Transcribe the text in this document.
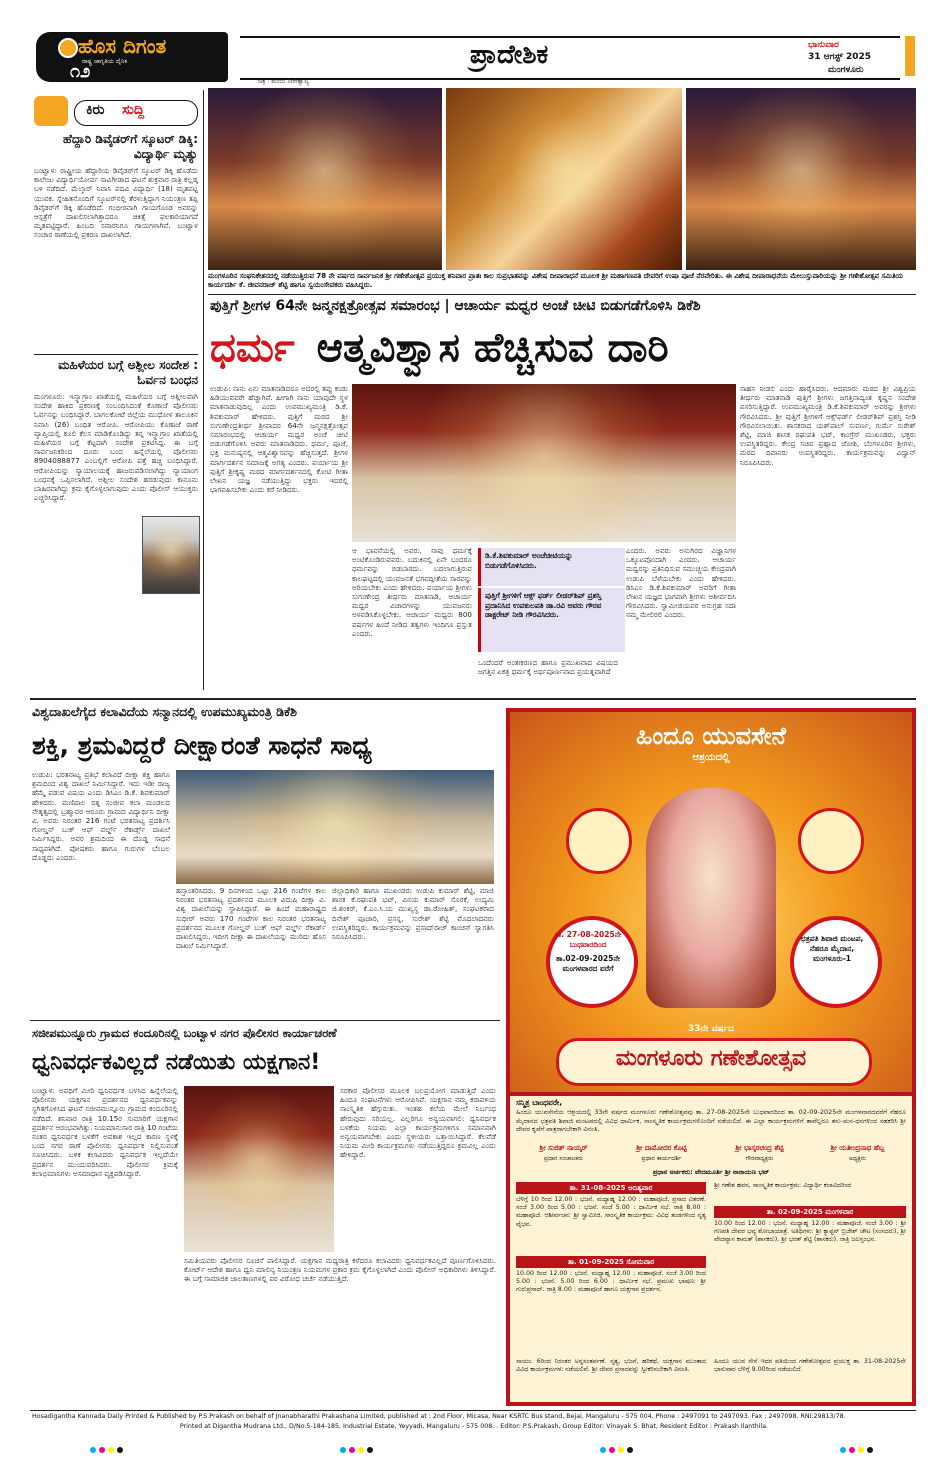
ಹೊಸ ದಿಗಂತ
ರಾಷ್ಟ್ರ ಜಾಗೃತಿಯ ದೈನಿಕ
೧೨
ಪ್ರಾದೇಶಿಕ
ಚಿತ್ರ : ಮಂಜು ನೀರೇಶ್ವಾಲ್ಯ
ಭಾನುವಾರ
31 ಆಗಸ್ಟ್ 2025
ಮಂಗಳೂರು
ಕಿರು ಸುದ್ದಿ
ಹೆದ್ದಾರಿ ಡಿವೈಡರ್‌ಗೆ ಸ್ಕೂಟರ್ ಡಿಕ್ಕಿ: ವಿದ್ಯಾರ್ಥಿ ಮೃತ್ಯು
ಬಂಟ್ವಾಳ: ರಾಷ್ಟ್ರೀಯ ಹೆದ್ದಾರಿಯ ಡಿವೈಡರ್‌ಗೆ ಸ್ಕೂಟರ್ ಡಿಕ್ಕಿ ಹೊಡೆದು ಕಾಲೇಜು ವಿದ್ಯಾರ್ಥಿಯೋರ್ವ ಸಾವಿಗೀಡಾದ ಘಟನೆ ಶುಕ್ರವಾರ ರಾತ್ರಿ ಕಲ್ಲಡ್ಕ ಬಳಿ ನಡೆದಿದೆ. ಮೆಲ್ಕಾರ್ ನಿವಾಸಿ ಪದವಿ ವಿದ್ಯಾರ್ಥಿ (18) ಮೃತಪಟ್ಟ ಯುವಕ. ಸ್ನೇಹಿತನೊಂದಿಗೆ ಸ್ಕೂಟರ್‌ನಲ್ಲಿ ತೆರಳುತ್ತಿದ್ದಾಗ ನಿಯಂತ್ರಣ ತಪ್ಪಿ ಡಿವೈಡರ್‌ಗೆ ಡಿಕ್ಕಿ ಹೊಡೆದಿದೆ. ಗಂಭೀರವಾಗಿ ಗಾಯಗೊಂಡ ಅವರನ್ನು ಆಸ್ಪತ್ರೆಗೆ ದಾಖಲಿಸಲಾಗಿತ್ತಾದರೂ ಚಿಕಿತ್ಸೆ ಫಲಕಾರಿಯಾಗದೆ ಮೃತಪಟ್ಟಿದ್ದಾರೆ. ಹಿಂಬದಿ ಸವಾರನಿಗೂ ಗಾಯಗಳಾಗಿವೆ. ಬಂಟ್ವಾಳ ಸಂಚಾರ ಠಾಣೆಯಲ್ಲಿ ಪ್ರಕರಣ ದಾಖಲಾಗಿದೆ.
ಮಹಿಳೆಯರ ಬಗ್ಗೆ ಅಶ್ಲೀಲ ಸಂದೇಶ : ಓರ್ವನ ಬಂಧನ
ಮಂಗಳೂರು: ಇನ್ಸ್ಟಾಗ್ರಾಂ ಖಾತೆಯಲ್ಲಿ ಮಹಿಳೆಯರ ಬಗ್ಗೆ ಅಶ್ಲೀಲವಾಗಿ ಸಂದೇಶ ಹಾಕಿದ ಪ್ರಕರಣಕ್ಕೆ ಸಂಬಂಧಿಸಿದಂತೆ ಕೊಣಾಜೆ ಪೊಲೀಸರು ಓರ್ವನನ್ನು ಬಂಧಿಸಿದ್ದಾರೆ. ಬಾಗಲಕೋಟೆ ಜಿಲ್ಲೆಯ ಮುಧೋಳ ತಾಲೂಕಿನ ನಿವಾಸಿ (26) ಬಂಧಿತ ಆರೋಪಿ. ಆರೋಪಿಯು ಕೊಣಾಜೆ ಠಾಣೆ ವ್ಯಾಪ್ತಿಯಲ್ಲಿ ಕೂಲಿ ಕೆಲಸ ಮಾಡಿಕೊಂಡಿದ್ದು ತನ್ನ ಇನ್ಸ್ಟಾಗ್ರಾಂ ಖಾತೆಯಲ್ಲಿ ಮಹಿಳೆಯರ ಬಗ್ಗೆ ಕೆಟ್ಟದಾಗಿ ಸಂದೇಶ ಪ್ರಕಟಿಸಿದ್ದ. ಈ ಬಗ್ಗೆ ಸಾರ್ವಜನಿಕರಿಂದ ದೂರು ಬಂದ ಹಿನ್ನೆಲೆಯಲ್ಲಿ ಪೊಲೀಸರು 8904088877 ಎಂಬಲ್ಲಿಗೆ ಆರೋಪಿ ಪತ್ತೆ ಹಚ್ಚಿ ಬಂಧಿಸಿದ್ದಾರೆ. ಆರೋಪಿಯನ್ನು ನ್ಯಾಯಾಲಯಕ್ಕೆ ಹಾಜರುಪಡಿಸಲಾಗಿದ್ದು ನ್ಯಾಯಾಂಗ ಬಂಧನಕ್ಕೆ ಒಪ್ಪಿಸಲಾಗಿದೆ. ಅಶ್ಲೀಲ ಸಂದೇಶ ಹರಡುವುದು ಕಾನೂನು ಬಾಹಿರವಾಗಿದ್ದು ಕ್ರಮ ಕೈಗೊಳ್ಳಲಾಗುವುದು ಎಂದು ಪೊಲೀಸ್ ಆಯುಕ್ತರು ಎಚ್ಚರಿಸಿದ್ದಾರೆ.
ಮಂಗಳೂರಿನ ಸಂಘನಿಕೇತನದಲ್ಲಿ ನಡೆಯುತ್ತಿರುವ 78 ನೇ ವರ್ಷದ ಸಾರ್ವಜನಿಕ ಶ್ರೀ ಗಣೇಶೋತ್ಸವ ಪ್ರಯುಕ್ತ ಶನಿವಾರ ಪ್ರಾತಃ ಕಾಲ ಸುಪ್ರಭಾತವನ್ನು ವಿಶೇಷ ದೀಪಾರಾಧನೆ ಮೂಲಕ ಶ್ರೀ ಮಹಾಗಣಪತಿ ದೇವರಿಗೆ ಉಷಾ ಪೂಜೆ ನೆರವೇರಿತು. ಈ ವಿಶೇಷ ದೀಪಾರಾಧನೆಯ ಮೇಲುಸ್ತುವಾರಿಯನ್ನು ಶ್ರೀ ಗಣೇಶೋತ್ಸವ ಸಮಿತಿಯ ಕಾರ್ಯದರ್ಶಿ ಕೆ. ಜೀವನರಾಜ್ ಶೆಟ್ಟಿ ಹಾಗೂ ಸ್ವಯಂಸೇವಕರು ವಹಿಸಿದ್ದರು.
ಪುತ್ತಿಗೆ ಶ್ರೀಗಳ 64ನೇ ಜನ್ಮನಕ್ಷತ್ರೋತ್ಸವ ಸಮಾರಂಭ | ಆಚಾರ್ಯ ಮಧ್ವರ ಅಂಚೆ ಚೀಟಿ ಬಿಡುಗಡೆಗೊಳಿಸಿ ಡಿಕೆಶಿ
ಧರ್ಮ ಆತ್ಮವಿಶ್ವಾಸ ಹೆಚ್ಚಿಸುವ ದಾರಿ
ಉಡುಪಿ: ನಾನು ಏನು ಮಾತನಾಡಿದರೂ ಅದರಲ್ಲಿ ತಪ್ಪು ಕಂಡು ಹಿಡಿಯುವವರೇ ಹೆಚ್ಚಾಗಿವೆ. ಹೀಗಾಗಿ ನಾನು ಯಾವುದೇ ಸ್ಥಳ ಮಾತನಾಡುವುದಿಲ್ಲ ಎಂದು ಉಪಮುಖ್ಯಮಂತ್ರಿ ಡಿ.ಕೆ. ಶಿವಕುಮಾರ್ ಹೇಳಿದರು. ಪುತ್ತಿಗೆ ಮಠದ ಶ್ರೀ ಸುಗುಣೇಂದ್ರತೀರ್ಥ ಶ್ರೀಪಾದರ 64ನೇ ಜನ್ಮನಕ್ಷತ್ರೋತ್ಸವ ಸಮಾರಂಭದಲ್ಲಿ ಆಚಾರ್ಯ ಮಧ್ವರ ಅಂಚೆ ಚೀಟಿ ಬಿಡುಗಡೆಗೊಳಿಸಿ ಅವರು ಮಾತನಾಡಿದರು. ಧರ್ಮ, ಪೂಜೆ, ಭಕ್ತಿ ಮನುಷ್ಯನಲ್ಲಿ ಆತ್ಮವಿಶ್ವಾಸವನ್ನು ಹೆಚ್ಚಿಸುತ್ತದೆ. ಶ್ರೀಗಳ ಮಾರ್ಗದರ್ಶನ ಸಮಾಜಕ್ಕೆ ಅಗತ್ಯ ಎಂದರು. ಪರ್ಯಾಯ ಶ್ರೀ ಪುತ್ತಿಗೆ ಶ್ರೀಕೃಷ್ಣ ಮಠದ ಮಾರ್ಗದರ್ಶನದಲ್ಲಿ ಕೋಟಿ ಗೀತಾ ಲೇಖನ ಯಜ್ಞ ನಡೆಯುತ್ತಿದ್ದು ಭಕ್ತರು ಇದರಲ್ಲಿ ಭಾಗವಹಿಸಬೇಕು ಎಂದು ಕರೆ ನೀಡಿದರು.
ಆ ಭಾವನೆಯಲ್ಲಿ ಅವರು, ನಾವು ಧರ್ಮಕ್ಕೆ ಅಂಟಿಕೊಂಡಿರುವವರು. ಬದುಕಿನಲ್ಲಿ ಏನೇ ಬಂದರೂ ಧರ್ಮವನ್ನು ಬಿಡಬಾರದು. ಬದಲಾಗುತ್ತಿರುವ ಕಾಲಘಟ್ಟದಲ್ಲಿ ಯುವಜನತೆ ಭಗವದ್ಗೀತೆಯ ಸಾರವನ್ನು ಅರಿಯಬೇಕು ಎಂದು ಹೇಳಿದರು. ಪರ್ಯಾಯ ಶ್ರೀಗಳು ಸುಗುಣೇಂದ್ರ ತೀರ್ಥರು ಮಾತನಾಡಿ, ಆಚಾರ್ಯ ಮಧ್ವರ ವಿಚಾರಗಳನ್ನು ಯುವಜನರು ಅಳವಡಿಸಿಕೊಳ್ಳಬೇಕು. ಆಚಾರ್ಯ ಮಧ್ವರು 800 ವರ್ಷಗಳ ಹಿಂದೆ ನೀಡಿದ ತತ್ವಗಳು ಇಂದಿಗೂ ಪ್ರಸ್ತುತ ಎಂದರು.
ಡಿ.ಕೆ.ಶಿವಕುಮಾರ್ ಅಂಚೆಚೀಟಿಯನ್ನು ಬಿಡುಗಡೆಗೊಳಿಸಿದರು.
ಪುತ್ತಿಗೆ ಶ್ರೀಗಳಿಗೆ ಆಕ್ಸ್ ಫರ್ಡ್ ಲೀಡರ್‌ಶಿಪ್ ಪ್ರಶಸ್ತಿ ಪ್ರದಾನಿಸಿದ ಉಪಕುಲಪತಿ ಡಾ.ರವಿ ಅವರು ಗೌರವ ಡಾಕ್ಟರೇಟ್ ನೀಡಿ ಗೌರವಿಸಿದರು.
ಎಂದರು. ಅವರು ಅನುಗಿರದ ವಿಜ್ಞಾನಿಗಳ ಒಕ್ಕೂಟವೊಂದಾಗಿ ಎಂದರು. ಆಚಾರ್ಯ ಮಧ್ವರನ್ನು ಪ್ರತಿನಿಧಿಸುವ ಸಮುಚ್ಚಯ ಕೇಂದ್ರವಾಗಿ ಉಡುಪಿ ಬೆಳೆಯಬೇಕು ಎಂದು ಹೇಳಿದರು. ಡಿಸಿಎಂ ಡಿ.ಕೆ.ಶಿವಕುಮಾರ್ ಅವರಿಗೆ ಗೀತಾ ಲೇಖನ ಯಜ್ಞದ ಭಾಗವಾಗಿ ಶ್ರೀಗಳು ಆಶೀರ್ವದಿಸಿ ಗೌರವಿಸಿದರು. ಸ್ವಾಮೀಜಿಯವರ ಅನುಗ್ರಹ ಸದಾ ನಮ್ಮ ಮೇಲಿರಲಿ ಎಂದರು.
ಸಾಹಸ ನೀಡಲಿ ಎಂದು ಹಾರೈಸಿದರು. ಆದಮಾರು ಮಠದ ಶ್ರೀ ವಿಶ್ವಪ್ರಿಯ ತೀರ್ಥರು ಮಾತನಾಡಿ ಪುತ್ತಿಗೆ ಶ್ರೀಗಳು ಜಗತ್ತಿನಾದ್ಯಂತ ಕೃಷ್ಣನ ಸಂದೇಶ ಪಸರಿಸುತ್ತಿದ್ದಾರೆ. ಉಪಮುಖ್ಯಮಂತ್ರಿ ಡಿ.ಕೆ.ಶಿವಕುಮಾರ್ ಅವರನ್ನು ಶ್ರೀಗಳು ಗೌರವಿಸಿದರು. ಶ್ರೀ ಪುತ್ತಿಗೆ ಶ್ರೀಗಳಿಗೆ ಆಕ್ಸ್‌ಫರ್ಡ್ ಲೀಡರ್‌ಶಿಪ್ ಪ್ರಶಸ್ತಿ ನೀಡಿ ಗೌರವಿಸಲಾಯಿತು. ಶಾಸಕರಾದ ಯಶ್‌ಪಾಲ್ ಸುವರ್ಣ, ಗುರ್ಮೆ ಸುರೇಶ್ ಶೆಟ್ಟಿ, ಮಾಜಿ ಶಾಸಕ ರಘುಪತಿ ಭಟ್, ಕಾಂಗ್ರೆಸ್ ಮುಖಂಡರು, ಭಕ್ತರು ಉಪಸ್ಥಿತರಿದ್ದರು. ಕೇಂದ್ರ ಸಚಿವ ಪ್ರಹ್ಲಾದ ಜೋಶಿ, ಬೆಂಗಳೂರಿನ ಶ್ರೀಗಳು, ಮಠದ ದಿವಾನರು ಉಪಸ್ಥಿತರಿದ್ದರು. ಕಾರ್ಯಕ್ರಮವನ್ನು ವಿದ್ವಾನ್ ನಿರೂಪಿಸಿದರು.
ಒಂದೆಂದರೆ ಅಂತಃಕರಣದ ಹಾಗೂ ಪ್ರಮುಖವಾದ ವಿಷಯದ ಜಗತ್ತಿನ ಏಕತ್ರ ಧರ್ಮಕ್ಕೆ ಅರ್ಥಪೂರ್ಣವಾದ ಪ್ರಯತ್ನವಾಗಿದೆ
ವಿಶ್ವದಾಖಲೆಗೈದ ಕಲಾವಿದೆಯ ಸನ್ಮಾನದಲ್ಲಿ ಉಪಮುಖ್ಯಮಂತ್ರಿ ಡಿಕೆಶಿ
ಶಕ್ತಿ, ಶ್ರಮವಿದ್ದರೆ ದೀಕ್ಷಾರಂತೆ ಸಾಧನೆ ಸಾಧ್ಯ
ಉಡುಪಿ: ಭರತನಾಟ್ಯ ಪ್ರತಿಭೆ ಕಲಾವಿದೆ ದೀಕ್ಷಾ ಶಕ್ತಿ ಹಾಗೂ ಶ್ರಮದಿಂದ ವಿಶ್ವ ದಾಖಲೆ ನಿರ್ಮಿಸಿದ್ದಾರೆ. ಇದು ಇಡೀ ರಾಜ್ಯ ಹೆಮ್ಮೆ ಪಡುವ ವಿಷಯ ಎಂದು ಡಿಸಿಎಂ ಡಿ.ಕೆ. ಶಿವಕುಮಾರ್ ಹೇಳಿದರು. ಮಣಿಪಾಲ ರತ್ನ ಸಂಜೀವ ಕಲಾ ಮಂಡಲದ ನೇತೃತ್ವದಲ್ಲಿ ಬ್ರಹ್ಮಾವರ ಆರೂರು ಗ್ರಾಮದ ವಿದ್ಯಾರ್ಥಿನಿ ದೀಕ್ಷಾ ವಿ. ಅವರು ನಿರಂತರ 216 ಗಂಟೆ ಭರತನಾಟ್ಯ ಪ್ರದರ್ಶಿಸಿ ಗೋಲ್ಡನ್ ಬುಕ್ ಆಫ್ ವರ್ಲ್ಡ್ ರೆಕಾರ್ಡ್ಸ್ ದಾಖಲೆ ನಿರ್ಮಿಸಿದ್ದರು. ಅವರ ಶ್ರಮದಿಂದ ಈ ದೊಡ್ಡ ಸಾಧನೆ ಸಾಧ್ಯವಾಗಿದೆ. ಪೋಷಕರು ಹಾಗೂ ಗುರುಗಳ ಬೆಂಬಲ ದೊಡ್ಡದು ಎಂದರು.
ಹಸ್ತಾಂತರಿಸಿದರು. 9 ದಿನಗಳಿಂದ ಒಟ್ಟು 216 ಗಂಟೆಗಳ ಕಾಲ ನಿರಂತರ ಭರತನಾಟ್ಯ ಪ್ರದರ್ಶನದ ಮೂಲಕ ವಿದುಷಿ ದೀಕ್ಷಾ ವಿ. ವಿಶ್ವ ದಾಖಲೆಯನ್ನು ಸ್ಥಾಪಿಸಿದ್ದಾರೆ. ಈ ಹಿಂದೆ ಮಹಾರಾಷ್ಟ್ರದ ಸುಧೀರ್ ಅವರು 170 ಗಂಟೆಗಳ ಕಾಲ ನಿರಂತರ ಭರತನಾಟ್ಯ ಪ್ರದರ್ಶನದ ಮೂಲಕ ಗೋಲ್ಡನ್ ಬುಕ್ ಆಫ್ ವರ್ಲ್ಡ್ ರೆಕಾರ್ಡ್ ದಾಖಲಿಸಿದ್ದರು. ಇದೀಗ ದೀಕ್ಷಾ ಈ ದಾಖಲೆಯನ್ನು ಮುರಿದು ಹೊಸ ದಾಖಲೆ ನಿರ್ಮಿಸಿದ್ದಾರೆ.
ಜಿಲ್ಲಾಧಿಕಾರಿ ಹಾಗೂ ಮುಖಂಡರು ಉಡುಪಿ ಕುಮಾರ್ ಶೆಟ್ಟಿ, ಮಾಜಿ ಶಾಸಕ ಕೆ.ರಘುಪತಿ ಭಟ್, ವಿನಯ ಕುಮಾರ್ ಸೊರಕೆ, ಉದ್ಯಮಿ ಜಿ.ಶಂಕರ್, ಕೆ.ಎಂ.ಸಿ.ಯ ಮುಖ್ಯಸ್ಥ ಡಾ.ರೋಹಿತ್, ಸಂಘಟಕರಾದ ದಿನೇಶ್ ಪೂಜಾರಿ, ಪ್ರಸನ್ನ, ಸುರೇಶ್ ಶೆಟ್ಟಿ ಮೊದಲಾದವರು ಉಪಸ್ಥಿತರಿದ್ದರು. ಕಾರ್ಯಕ್ರಮವನ್ನು ಪ್ರಸಾದ್‌ರಾಜ್ ಕಾಂಚನ್ ಸ್ವಾಗತಿಸಿ ನಿರೂಪಿಸಿದರು.
ಸಜೀಪಮುನ್ನೂರು ಗ್ರಾಮದ ಕಂದೂರಿನಲ್ಲಿ ಬಂಟ್ವಾಳ ನಗರ ಪೊಲೀಸರ ಕಾರ್ಯಾಚರಣೆ
ಧ್ವನಿವರ್ಧಕವಿಲ್ಲದೆ ನಡೆಯಿತು ಯಕ್ಷಗಾನ!
ಬಂಟ್ವಾಳ: ಅವಧಿಗೆ ಮೀರಿ ಧ್ವನಿವರ್ಧಕ ಬಳಸಿದ ಹಿನ್ನೆಲೆಯಲ್ಲಿ ಪೊಲೀಸರು ಯಕ್ಷಗಾನ ಪ್ರದರ್ಶನದ ಧ್ವನಿವರ್ಧಕವನ್ನು ಸ್ಥಗಿತಗೊಳಿಸಿದ ಘಟನೆ ಸಜೀಪಮುನ್ನೂರು ಗ್ರಾಮದ ಕಂದೂರಿನಲ್ಲಿ ನಡೆದಿದೆ. ಶನಿವಾರ ರಾತ್ರಿ 10.15ರ ಸುಮಾರಿಗೆ ಯಕ್ಷಗಾನ ಪ್ರದರ್ಶನ ಆರಂಭವಾಗಿತ್ತು. ನಿಯಮಾನುಸಾರ ರಾತ್ರಿ 10 ಗಂಟೆಯ ನಂತರ ಧ್ವನಿವರ್ಧಕ ಬಳಕೆಗೆ ಅವಕಾಶ ಇಲ್ಲದ ಕಾರಣ ಸ್ಥಳಕ್ಕೆ ಬಂದ ನಗರ ಠಾಣೆ ಪೊಲೀಸರು ಧ್ವನಿವರ್ಧಕ ನಿಲ್ಲಿಸುವಂತೆ ಸೂಚಿಸಿದರು. ಬಳಿಕ ಕಲಾವಿದರು ಧ್ವನಿವರ್ಧಕ ಇಲ್ಲದೆಯೇ ಪ್ರದರ್ಶನ ಮುಂದುವರಿಸಿದರು. ಪೊಲೀಸರ ಕ್ರಮಕ್ಕೆ ಕಲಾಭಿಮಾನಿಗಳು ಅಸಮಾಧಾನ ವ್ಯಕ್ತಪಡಿಸಿದ್ದಾರೆ.
ಸರಕಾರ ಪೊಲೀಸರ ಮೂಲಕ ಬಲಪ್ರಯೋಗ ಮಾಡುತ್ತಿದೆ ಎಂದು ಹಿಂದೂ ಸಂಘಟನೆಗಳು ಆರೋಪಿಸಿವೆ. ಯಕ್ಷಗಾನ ನಮ್ಮ ಕರಾವಳಿಯ ಸಾಂಸ್ಕೃತಿಕ ಹೆಗ್ಗುರುತು. ಇಂತಹ ಕಲೆಯ ಮೇಲೆ ನಿರ್ಬಂಧ ಹೇರುವುದು ಸರಿಯಲ್ಲ. ಎಲ್ಲರಿಗೂ ಅನ್ವಯವಾಗಲಿ: ಧ್ವನಿವರ್ಧಕ ಬಳಕೆಯ ನಿಯಮ ಎಲ್ಲಾ ಕಾರ್ಯಕ್ರಮಗಳಿಗೂ ಸಮಾನವಾಗಿ ಅನ್ವಯವಾಗಬೇಕು ಎಂದು ಸ್ಥಳೀಯರು ಒತ್ತಾಯಿಸಿದ್ದಾರೆ. ಕೆಲವೆಡೆ ನಿಯಮ ಮೀರಿ ಕಾರ್ಯಕ್ರಮಗಳು ನಡೆಯುತ್ತಿದ್ದರೂ ಕ್ರಮವಿಲ್ಲ ಎಂದು ಹೇಳಿದ್ದಾರೆ.
ಸಮಿತಿಯವರು ಪೊಲೀಸರ ಸೂಚನೆ ಪಾಲಿಸಿದ್ದಾರೆ. ಯಕ್ಷಗಾನ ಮಧ್ಯರಾತ್ರಿ ಕಳೆದರೂ ಕಲಾವಿದರು ಧ್ವನಿವರ್ಧಕವಿಲ್ಲದೆ ಪೂರ್ಣಗೊಳಿಸಿದರು. ಕೋರ್ಟ್ ಆದೇಶ ಹಾಗೂ ಧ್ವನಿ ಮಾಲಿನ್ಯ ನಿಯಂತ್ರಣ ನಿಯಮಗಳ ಪ್ರಕಾರ ಕ್ರಮ ಕೈಗೊಳ್ಳಲಾಗಿದೆ ಎಂದು ಪೊಲೀಸ್ ಅಧಿಕಾರಿಗಳು ತಿಳಿಸಿದ್ದಾರೆ. ಈ ಬಗ್ಗೆ ಸಾಮಾಜಿಕ ಜಾಲತಾಣಗಳಲ್ಲಿ ಪರ ವಿರೋಧ ಚರ್ಚೆ ನಡೆಯುತ್ತಿದೆ.
ಹಿಂದೂ ಯುವಸೇನೆ
ಆಶ್ರಯದಲ್ಲಿ
ತಾ. 27-08-2025ನೇ ಬುಧವಾರದಿಂದ
ತಾ.02-09-2025ನೇ ಮಂಗಳವಾರದ ವರೆಗೆ
ಛತ್ರಪತಿ ಶಿವಾಜಿ ಮಂಟಪ, ನೆಹರೂ ಮೈದಾನ, ಮಂಗಳೂರು-1
33ನೇ ವರ್ಷದ
ಮಂಗಳೂರು ಗಣೇಶೋತ್ಸವ
ಸನ್ಮಿತ್ರ ಬಾಂಧವರೇ,
ಹಿಂದೂ ಯುವಸೇನೆಯ ಆಶ್ರಯದಲ್ಲಿ 33ನೇ ವರ್ಷದ ಮಂಗಳೂರು ಗಣೇಶೋತ್ಸವವು ತಾ. 27-08-2025ನೇ ಬುಧವಾರದಿಂದ ತಾ. 02-09-2025ನೇ ಮಂಗಳವಾರದವರೆಗೆ ನೆಹರೂ ಮೈದಾನದ ಛತ್ರಪತಿ ಶಿವಾಜಿ ಮಂಟಪದಲ್ಲಿ ವಿವಿಧ ಧಾರ್ಮಿಕ, ಸಾಂಸ್ಕೃತಿಕ ಕಾರ್ಯಕ್ರಮಗಳೊಂದಿಗೆ ನಡೆಯಲಿದೆ. ಈ ಎಲ್ಲಾ ಕಾರ್ಯಕ್ರಮಗಳಿಗೆ ತಾವೆಲ್ಲರೂ ತನು-ಮನ-ಧನಗಳಿಂದ ಸಹಕರಿಸಿ ಶ್ರೀ ದೇವರ ಕೃಪೆಗೆ ಪಾತ್ರರಾಗಬೇಕಾಗಿ ವಿನಂತಿ.
ಶ್ರೀ ಸುಜಿತ್ ನಾಯ್ಕರ್	ಶ್ರೀ ದಾಮೋದರ ಕೊಟ್ಟಿ	ಶ್ರೀ ಭಾಸ್ಕರಚಂದ್ರ ಶೆಟ್ಟಿ	ಶ್ರೀ ಯತೀಂದ್ರನಾಥ ಹೆಬ್ಬ
ಪ್ರಧಾನ ಸಂಚಾಲಕರು	ಪ್ರಧಾನ ಕಾರ್ಯದರ್ಶಿ	ಗೌರವಾಧ್ಯಕ್ಷರು	ಅಧ್ಯಕ್ಷರು
ಪ್ರಧಾನ ಅರ್ಚಕರು: ವೇದಮೂರ್ತಿ ಶ್ರೀ ನಾರಾಯಣ ಭಟ್
ತಾ. 31-08-2025 ಆದಿತ್ಯವಾರ
ಬೆಳಿಗ್ಗೆ 10 ರಿಂದ 12.00 : ಭಜನೆ. ಮಧ್ಯಾಹ್ನ 12.00 : ಮಹಾಪೂಜೆ, ಪ್ರಸಾದ ವಿತರಣೆ. ಸಂಜೆ 3.00 ರಿಂದ 5.00 : ಭಜನೆ. ಸಂಜೆ 5.00 : ಧಾರ್ಮಿಕ ಸಭೆ. ರಾತ್ರಿ 8.00 : ಮಹಾಪೂಜೆ. ಆಶೀರ್ವಚನ: ಶ್ರೀ ಸ್ವಾಮೀಜಿ. ಸಾಂಸ್ಕೃತಿಕ ಕಾರ್ಯಕ್ರಮ: ವಿವಿಧ ತಂಡಗಳಿಂದ ನೃತ್ಯ ವೈಭವ.
ತಾ. 01-09-2025 ಸೋಮವಾರ
10.00 ರಿಂದ 12.00 : ಭಜನೆ. ಮಧ್ಯಾಹ್ನ 12.00 : ಮಹಾಪೂಜೆ. ಸಂಜೆ 3.00 ರಿಂದ 5.00 : ಭಜನೆ. 5.00 ರಿಂದ 6.00 : ಧಾರ್ಮಿಕ ಸಭೆ. ಪ್ರಮುಖ ಭಾಷಣ: ಶ್ರೀ ಗುರುಪ್ರಸಾದ್. ರಾತ್ರಿ 8.00 : ಮಹಾಪೂಜೆ ಹಾಗೂ ಯಕ್ಷಗಾನ ಪ್ರದರ್ಶನ.
ಶ್ರೀ ಗಣೇಶ ಹವನ, ಸಾಂಸ್ಕೃತಿಕ ಕಾರ್ಯಕ್ರಮ: ವಿದ್ಯಾರ್ಥಿ ಕಲಾವಿದರಿಂದ
ತಾ. 02-09-2025 ಮಂಗಳವಾರ
10.00 ರಿಂದ 12.00 : ಭಜನೆ. ಮಧ್ಯಾಹ್ನ 12.00 : ಮಹಾಪೂಜೆ. ಸಂಜೆ 3.00 : ಶ್ರೀ ಗಣಪತಿ ದೇವರ ಭವ್ಯ ಶೋಭಾಯಾತ್ರೆ. ಅತಿಥಿಗಳು: ಶ್ರೀ ಕ್ಯಾಪ್ಟನ್ ಬ್ರಿಜೇಶ್ ಚೌಟ (ಸಂಸದರು), ಶ್ರೀ ವೇದವ್ಯಾಸ ಕಾಮತ್ (ಶಾಸಕರು), ಶ್ರೀ ಭರತ್ ಶೆಟ್ಟಿ (ಶಾಸಕರು). ರಾತ್ರಿ ಜಲಸ್ತಂಭನ.
ಸಾಯಂ. 6ರಿಂದ ನಿರಂತರ ಅನ್ನಸಂತರ್ಪಣೆ. ನೃತ್ಯ, ಭಜನೆ, ಹರಿಕಥೆ, ಯಕ್ಷಗಾನ ಮುಂತಾದ ವಿವಿಧ ಕಾರ್ಯಕ್ರಮಗಳು ನಡೆಯಲಿವೆ. ಶ್ರೀ ದೇವರ ಪ್ರಸಾದವನ್ನು ಸ್ವೀಕರಿಸಬೇಕಾಗಿ ವಿನಂತಿ.
ಹಿಂದೂ ಯುವ ಸೇನೆ ಇದರ ವತಿಯಿಂದ ಗಣೇಶೋತ್ಸವದ ಪ್ರಯುಕ್ತ ತಾ. 31-08-2025ನೇ ಭಾನುವಾರ ಬೆಳಿಗ್ಗೆ 9.00ರಿಂದ ನಡೆಯಲಿದೆ.
Hosadigantha Kannada Daily Printed & Published by P.S.Prakash on behalf of Jnanabharathi Prakashana Limited, published at : 2nd Floor, Micasa, Near KSRTC Bus stand, Bejai, Mangaluru - 575 004, Phone : 2497091 to 2497093. Fax : 2497098. RNI:29813/78.
Printed at Digantha Mudrana Ltd., D/No.5-184-185, Industrial Estate, Yeyyadi, Mangaluru - 575 008. . Editor: P.S.Prakash, Group Editor: Vinayak S. Bhat, Resident Editor : Prakash Ilanthila.
